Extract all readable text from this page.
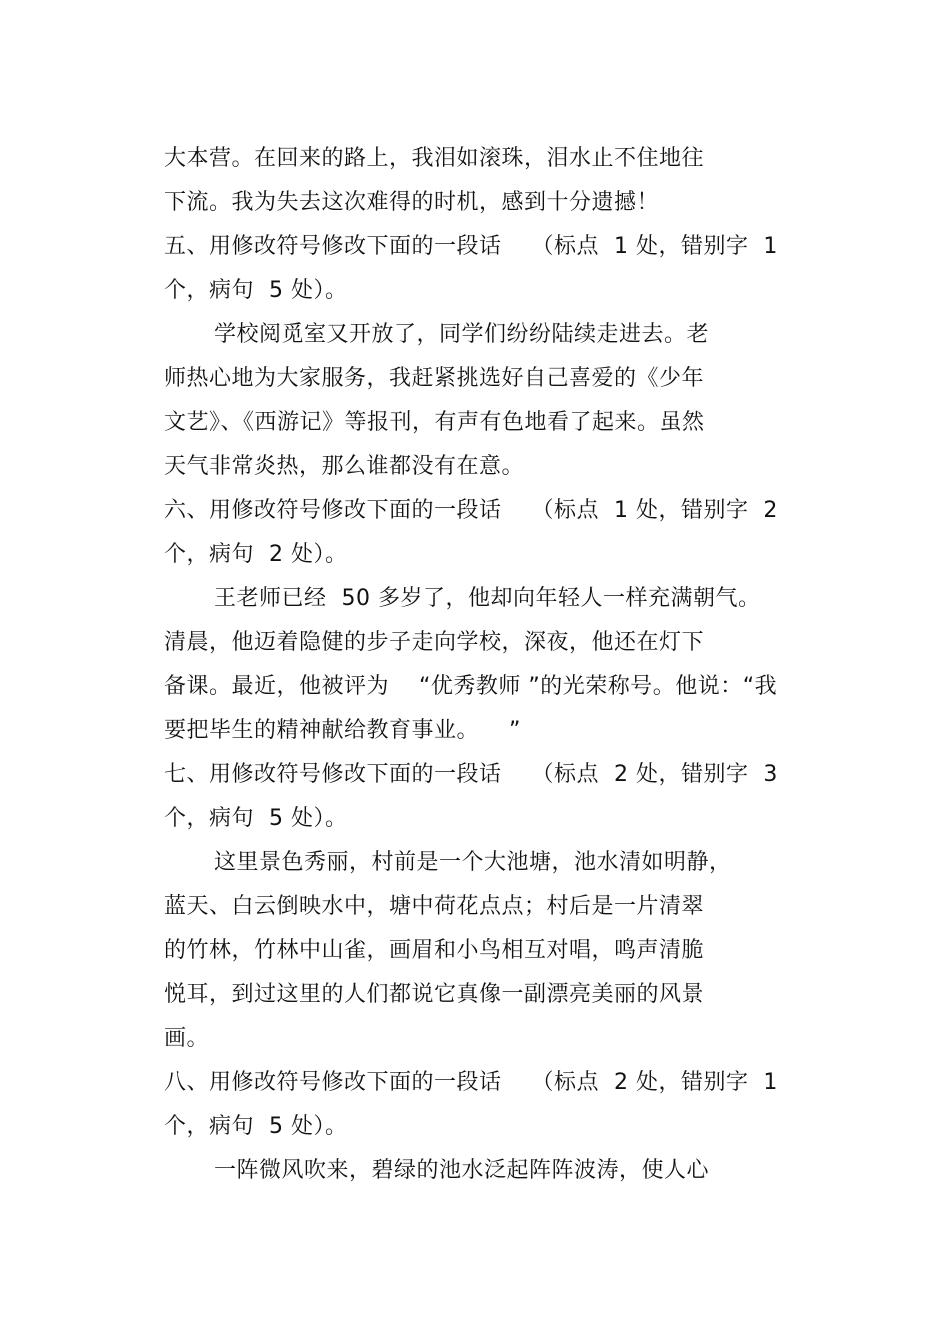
大本营。在回来的路上，我泪如滚珠，泪水止不住地往
下流。我为失去这次难得的时机，感到十分遗撼！
五、用修改符号修改下面的一段话    （标点  1 处，错别字  1
个，病句  5 处）。
学校阅觅室又开放了，同学们纷纷陆续走进去。老
师热心地为大家服务，我赶紧挑选好自己喜爱的《少年
文艺》、《西游记》等报刊，有声有色地看了起来。虽然
天气非常炎热，那么谁都没有在意。
六、用修改符号修改下面的一段话    （标点  1 处，错别字  2
个，病句  2 处）。
王老师已经  50 多岁了，他却向年轻人一样充满朝气。
清晨，他迈着隐健的步子走向学校，深夜，他还在灯下
备课。最近，他被评为    “优秀教师 ”的光荣称号。他说：“我
要把毕生的精神献给教育事业。    ”
七、用修改符号修改下面的一段话    （标点  2 处，错别字  3
个，病句  5 处）。
这里景色秀丽，村前是一个大池塘，池水清如明静，
蓝天、白云倒映水中，塘中荷花点点；村后是一片清翠
的竹林，竹林中山雀，画眉和小鸟相互对唱，鸣声清脆
悦耳，到过这里的人们都说它真像一副漂亮美丽的风景
画。
八、用修改符号修改下面的一段话    （标点  2 处，错别字  1
个，病句  5 处）。
一阵微风吹来，碧绿的池水泛起阵阵波涛，使人心
